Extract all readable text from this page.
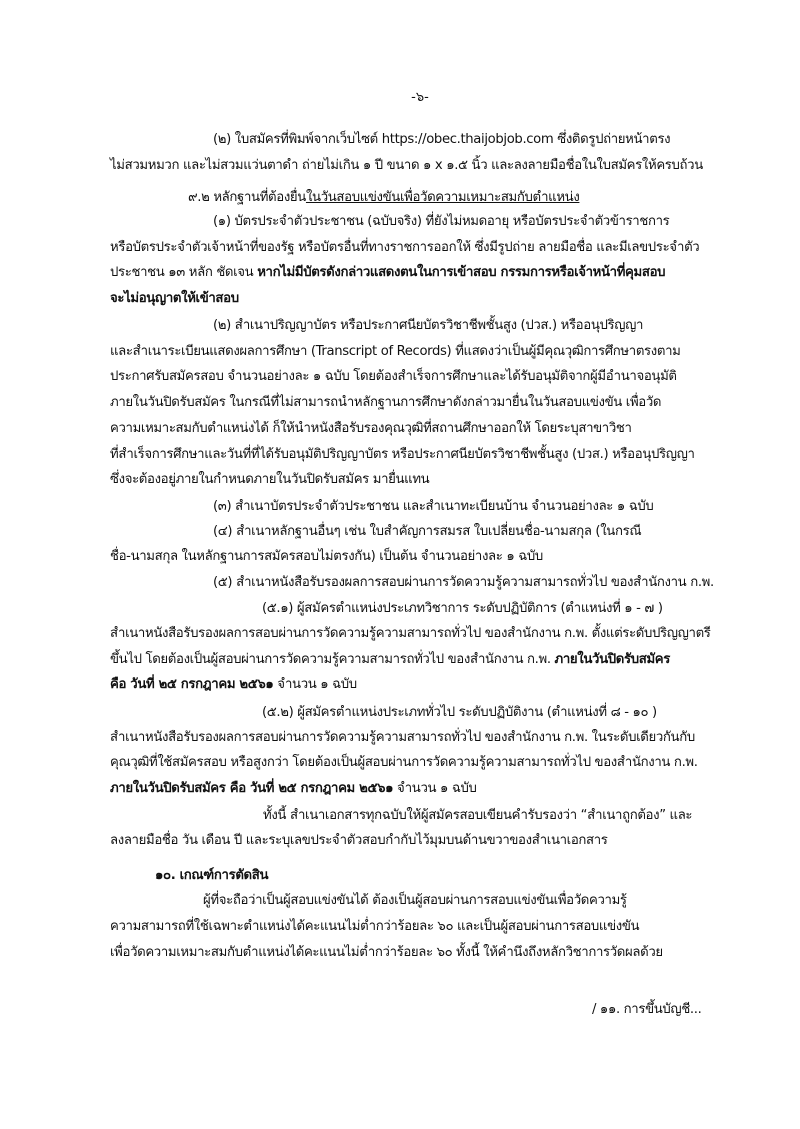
-๖-
(๒) ใบสมัครที่พิมพ์จากเว็บไซต์ https://obec.thaijobjob.com ซึ่งติดรูปถ่ายหน้าตรง
ไม่สวมหมวก และไม่สวมแว่นตาดำ ถ่ายไม่เกิน ๑ ปี ขนาด ๑ x ๑.๕ นิ้ว และลงลายมือชื่อในใบสมัครให้ครบถ้วน
๙.๒ หลักฐานที่ต้องยื่นในวันสอบแข่งขันเพื่อวัดความเหมาะสมกับตำแหน่ง
(๑) บัตรประจำตัวประชาชน (ฉบับจริง) ที่ยังไม่หมดอายุ หรือบัตรประจำตัวข้าราชการ
หรือบัตรประจำตัวเจ้าหน้าที่ของรัฐ หรือบัตรอื่นที่ทางราชการออกให้ ซึ่งมีรูปถ่าย ลายมือชื่อ และมีเลขประจำตัว
ประชาชน ๑๓ หลัก ชัดเจน หากไม่มีบัตรดังกล่าวแสดงตนในการเข้าสอบ กรรมการหรือเจ้าหน้าที่คุมสอบ
จะไม่อนุญาตให้เข้าสอบ
(๒) สำเนาปริญญาบัตร หรือประกาศนียบัตรวิชาชีพชั้นสูง (ปวส.) หรืออนุปริญญา
และสำเนาระเบียนแสดงผลการศึกษา (Transcript of Records) ที่แสดงว่าเป็นผู้มีคุณวุฒิการศึกษาตรงตาม
ประกาศรับสมัครสอบ จำนวนอย่างละ ๑ ฉบับ โดยต้องสำเร็จการศึกษาและได้รับอนุมัติจากผู้มีอำนาจอนุมัติ
ภายในวันปิดรับสมัคร ในกรณีที่ไม่สามารถนำหลักฐานการศึกษาดังกล่าวมายื่นในวันสอบแข่งขัน เพื่อวัด
ความเหมาะสมกับตำแหน่งได้ ก็ให้นำหนังสือรับรองคุณวุฒิที่สถานศึกษาออกให้ โดยระบุสาขาวิชา
ที่สำเร็จการศึกษาและวันที่ที่ได้รับอนุมัติปริญญาบัตร หรือประกาศนียบัตรวิชาชีพชั้นสูง (ปวส.) หรืออนุปริญญา
ซึ่งจะต้องอยู่ภายในกำหนดภายในวันปิดรับสมัคร มายื่นแทน
(๓) สำเนาบัตรประจำตัวประชาชน และสำเนาทะเบียนบ้าน จำนวนอย่างละ ๑ ฉบับ
(๔) สำเนาหลักฐานอื่นๆ เช่น ใบสำคัญการสมรส ใบเปลี่ยนชื่อ-นามสกุล (ในกรณี
ชื่อ-นามสกุล ในหลักฐานการสมัครสอบไม่ตรงกัน) เป็นต้น จำนวนอย่างละ ๑ ฉบับ
(๕) สำเนาหนังสือรับรองผลการสอบผ่านการวัดความรู้ความสามารถทั่วไป ของสำนักงาน ก.พ.
(๕.๑) ผู้สมัครตำแหน่งประเภทวิชาการ ระดับปฏิบัติการ (ตำแหน่งที่ ๑ - ๗ )
สำเนาหนังสือรับรองผลการสอบผ่านการวัดความรู้ความสามารถทั่วไป ของสำนักงาน ก.พ. ตั้งแต่ระดับปริญญาตรี
ขึ้นไป โดยต้องเป็นผู้สอบผ่านการวัดความรู้ความสามารถทั่วไป ของสำนักงาน ก.พ. ภายในวันปิดรับสมัคร
คือ วันที่ ๒๕ กรกฎาคม ๒๕๖๑ จำนวน ๑ ฉบับ
(๕.๒) ผู้สมัครตำแหน่งประเภททั่วไป ระดับปฏิบัติงาน (ตำแหน่งที่ ๘ - ๑๐ )
สำเนาหนังสือรับรองผลการสอบผ่านการวัดความรู้ความสามารถทั่วไป ของสำนักงาน ก.พ. ในระดับเดียวกันกับ
คุณวุฒิที่ใช้สมัครสอบ หรือสูงกว่า โดยต้องเป็นผู้สอบผ่านการวัดความรู้ความสามารถทั่วไป ของสำนักงาน ก.พ.
ภายในวันปิดรับสมัคร คือ วันที่ ๒๕ กรกฎาคม ๒๕๖๑ จำนวน ๑ ฉบับ
ทั้งนี้ สำเนาเอกสารทุกฉบับให้ผู้สมัครสอบเขียนคำรับรองว่า “สำเนาถูกต้อง” และ
ลงลายมือชื่อ วัน เดือน ปี และระบุเลขประจำตัวสอบกำกับไว้มุมบนด้านขวาของสำเนาเอกสาร
๑๐. เกณฑ์การตัดสิน
ผู้ที่จะถือว่าเป็นผู้สอบแข่งขันได้ ต้องเป็นผู้สอบผ่านการสอบแข่งขันเพื่อวัดความรู้
ความสามารถที่ใช้เฉพาะตำแหน่งได้คะแนนไม่ต่ำกว่าร้อยละ ๖๐ และเป็นผู้สอบผ่านการสอบแข่งขัน
เพื่อวัดความเหมาะสมกับตำแหน่งได้คะแนนไม่ต่ำกว่าร้อยละ ๖๐ ทั้งนี้ ให้คำนึงถึงหลักวิชาการวัดผลด้วย
/ ๑๑. การขึ้นบัญชี...
